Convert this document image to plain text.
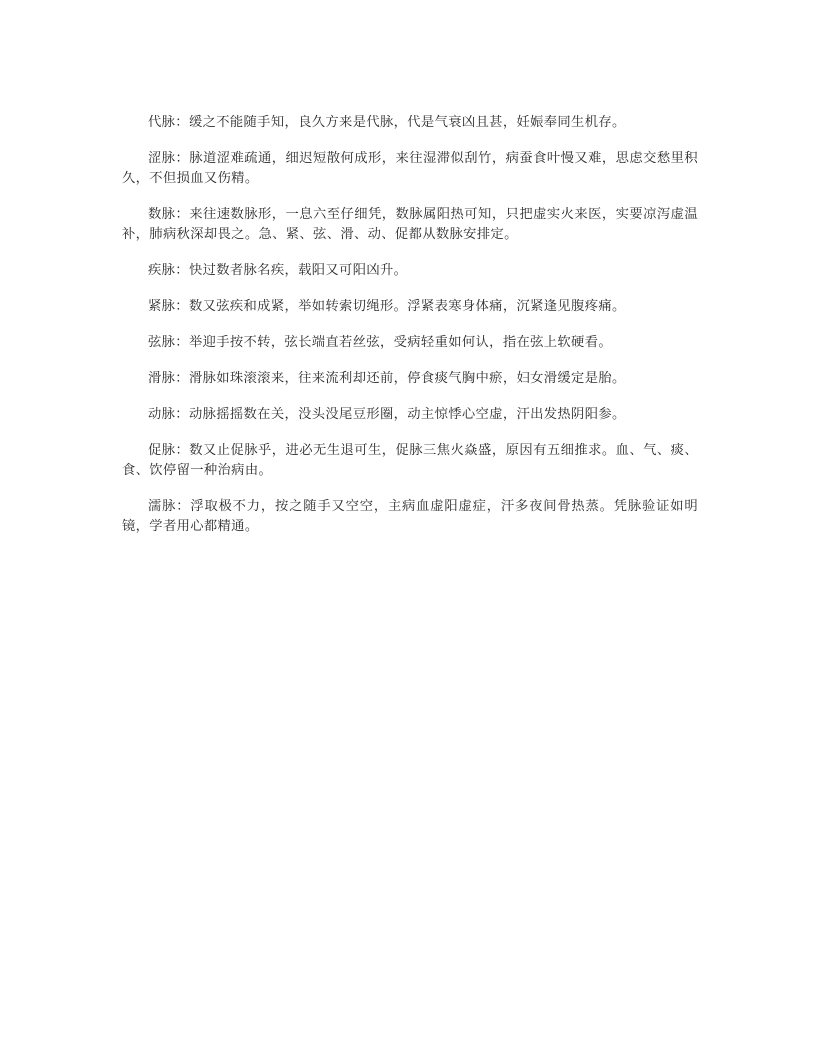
代脉：缓之不能随手知，良久方来是代脉，代是气衰凶且甚，妊娠奉同生机存。

涩脉：脉道涩难疏通，细迟短散何成形，来往湿滞似刮竹，病蚕食叶慢又难，思虑交愁里积久，不但损血又伤精。

数脉：来往速数脉形，一息六至仔细凭，数脉属阳热可知，只把虚实火来医，实要凉泻虚温补，肺病秋深却畏之。急、紧、弦、滑、动、促都从数脉安排定。

疾脉：快过数者脉名疾，载阳又可阳凶升。

紧脉：数又弦疾和成紧，举如转索切绳形。浮紧表寒身体痛，沉紧逢见腹疼痛。

弦脉：举迎手按不转，弦长端直若丝弦，受病轻重如何认，指在弦上软硬看。

滑脉：滑脉如珠滚滚来，往来流利却还前，停食痰气胸中瘀，妇女滑缓定是胎。

动脉：动脉摇摇数在关，没头没尾豆形圈，动主惊悸心空虚，汗出发热阴阳参。

促脉：数又止促脉乎，进必无生退可生，促脉三焦火焱盛，原因有五细推求。血、气、痰、食、饮停留一种治病由。

濡脉：浮取极不力，按之随手又空空，主病血虚阳虚症，汗多夜间骨热蒸。凭脉验证如明镜，学者用心都精通。
